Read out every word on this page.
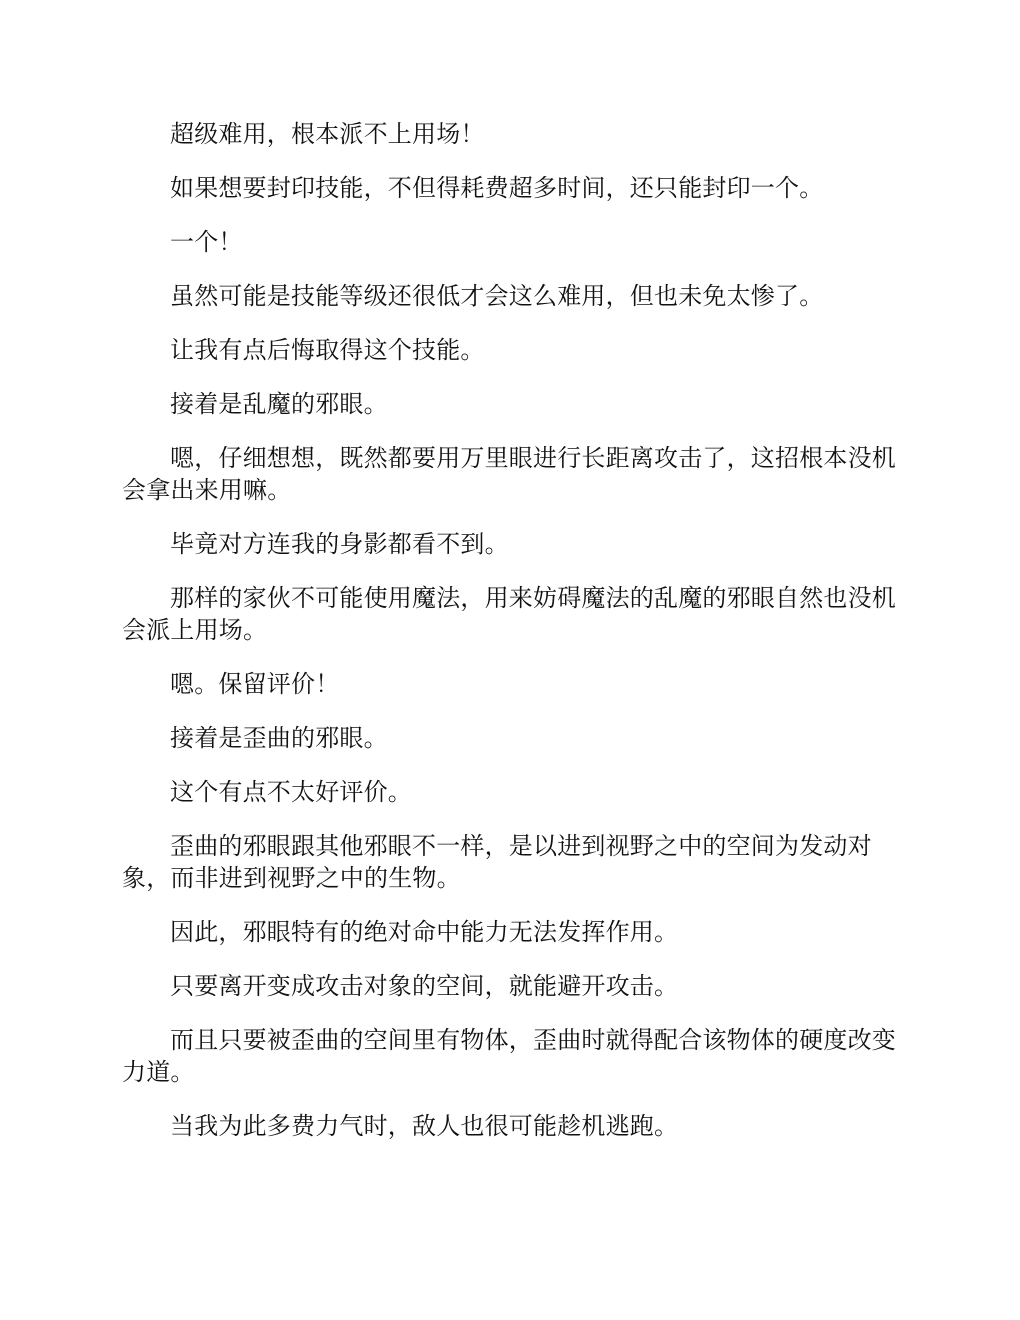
超级难用，根本派不上用场！

如果想要封印技能，不但得耗费超多时间，还只能封印一个。

一个！

虽然可能是技能等级还很低才会这么难用，但也未免太惨了。

让我有点后悔取得这个技能。

接着是乱魔的邪眼。

嗯，仔细想想，既然都要用万里眼进行长距离攻击了，这招根本没机会拿出来用嘛。

毕竟对方连我的身影都看不到。

那样的家伙不可能使用魔法，用来妨碍魔法的乱魔的邪眼自然也没机会派上用场。

嗯。保留评价！

接着是歪曲的邪眼。

这个有点不太好评价。

歪曲的邪眼跟其他邪眼不一样，是以进到视野之中的空间为发动对象，而非进到视野之中的生物。

因此，邪眼特有的绝对命中能力无法发挥作用。

只要离开变成攻击对象的空间，就能避开攻击。

而且只要被歪曲的空间里有物体，歪曲时就得配合该物体的硬度改变力道。

当我为此多费力气时，敌人也很可能趁机逃跑。
